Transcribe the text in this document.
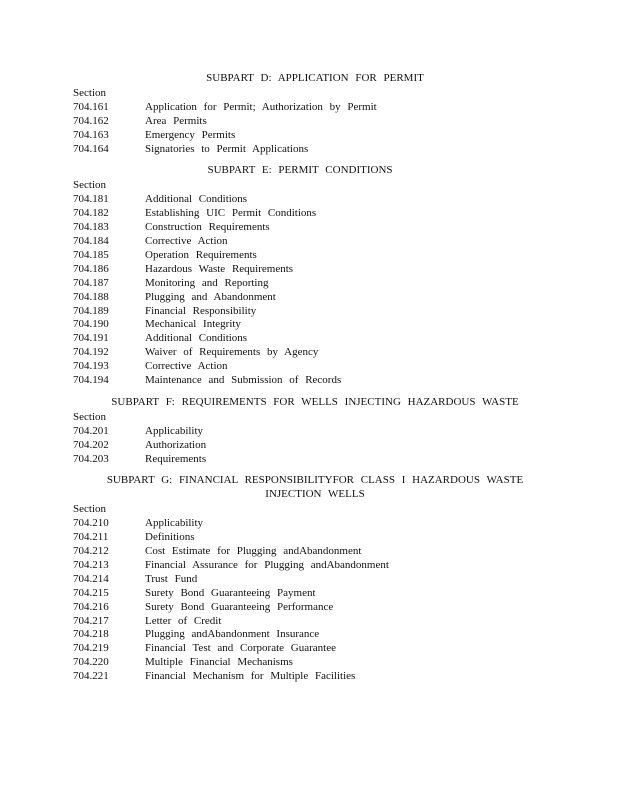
SUBPART D: APPLICATION FOR PERMIT
Section
704.161	Application for Permit; Authorization by Permit
704.162	Area Permits
704.163	Emergency Permits
704.164	Signatories to Permit Applications
SUBPART E: PERMIT CONDITIONS
Section
704.181	Additional Conditions
704.182	Establishing UIC Permit Conditions
704.183	Construction Requirements
704.184	Corrective Action
704.185	Operation Requirements
704.186	Hazardous Waste Requirements
704.187	Monitoring and Reporting
704.188	Plugging and Abandonment
704.189	Financial Responsibility
704.190	Mechanical Integrity
704.191	Additional Conditions
704.192	Waiver of Requirements by Agency
704.193	Corrective Action
704.194	Maintenance and Submission of Records
SUBPART F: REQUIREMENTS FOR WELLS INJECTING HAZARDOUS WASTE
Section
704.201	Applicability
704.202	Authorization
704.203	Requirements
SUBPART G: FINANCIAL RESPONSIBILITYFOR CLASS I HAZARDOUS WASTE INJECTION WELLS
Section
704.210	Applicability
704.211	Definitions
704.212	Cost Estimate for Plugging andAbandonment
704.213	Financial Assurance for Plugging andAbandonment
704.214	Trust Fund
704.215	Surety Bond Guaranteeing Payment
704.216	Surety Bond Guaranteeing Performance
704.217	Letter of Credit
704.218	Plugging andAbandonment Insurance
704.219	Financial Test and Corporate Guarantee
704.220	Multiple Financial Mechanisms
704.221	Financial Mechanism for Multiple Facilities
